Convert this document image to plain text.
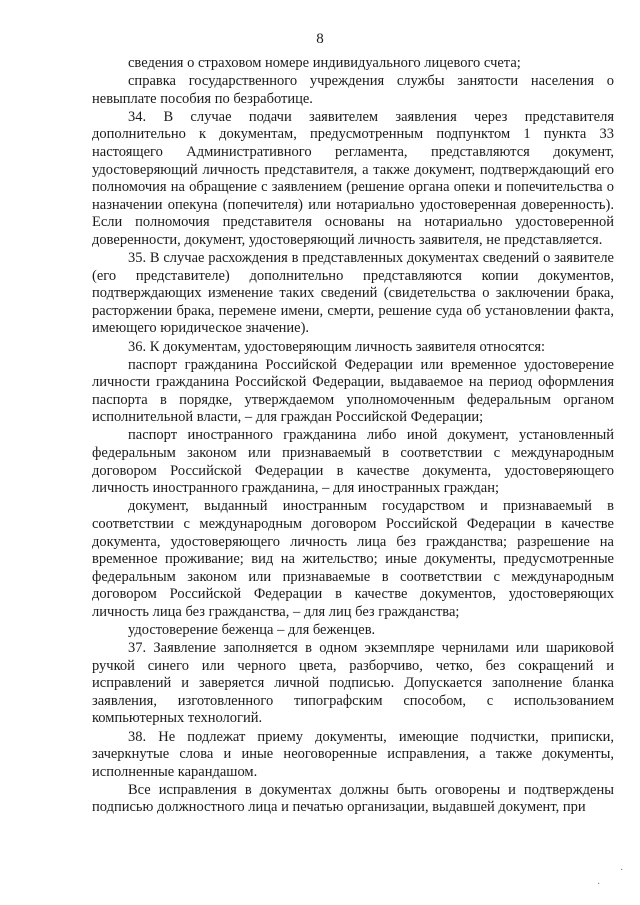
8

сведения о страховом номере индивидуального лицевого счета;

справка государственного учреждения службы занятости населения о невыплате пособия по безработице.

34. В случае подачи заявителем заявления через представителя дополнительно к документам, предусмотренным подпунктом 1 пункта 33 настоящего Административного регламента, представляются документ, удостоверяющий личность представителя, а также документ, подтверждающий его полномочия на обращение с заявлением (решение органа опеки и попечительства о назначении опекуна (попечителя) или нотариально удостоверенная доверенность). Если полномочия представителя основаны на нотариально удостоверенной доверенности, документ, удостоверяющий личность заявителя, не представляется.

35. В случае расхождения в представленных документах сведений о заявителе (его представителе) дополнительно представляются копии документов, подтверждающих изменение таких сведений (свидетельства о заключении брака, расторжении брака, перемене имени, смерти, решение суда об установлении факта, имеющего юридическое значение).

36. К документам, удостоверяющим личность заявителя относятся:

паспорт гражданина Российской Федерации или временное удостоверение личности гражданина Российской Федерации, выдаваемое на период оформления паспорта в порядке, утверждаемом уполномоченным федеральным органом исполнительной власти, – для граждан Российской Федерации;

паспорт иностранного гражданина либо иной документ, установленный федеральным законом или признаваемый в соответствии с международным договором Российской Федерации в качестве документа, удостоверяющего личность иностранного гражданина, – для иностранных граждан;

документ, выданный иностранным государством и признаваемый в соответствии с международным договором Российской Федерации в качестве документа, удостоверяющего личность лица без гражданства; разрешение на временное проживание; вид на жительство; иные документы, предусмотренные федеральным законом или признаваемые в соответствии с международным договором Российской Федерации в качестве документов, удостоверяющих личность лица без гражданства, – для лиц без гражданства;

удостоверение беженца – для беженцев.

37. Заявление заполняется в одном экземпляре чернилами или шариковой ручкой синего или черного цвета, разборчиво, четко, без сокращений и исправлений и заверяется личной подписью. Допускается заполнение бланка заявления, изготовленного типографским способом, с использованием компьютерных технологий.

38. Не подлежат приему документы, имеющие подчистки, приписки, зачеркнутые слова и иные неоговоренные исправления, а также документы, исполненные карандашом.

Все исправления в документах должны быть оговорены и подтверждены подписью должностного лица и печатью организации, выдавшей документ, при

·
·
